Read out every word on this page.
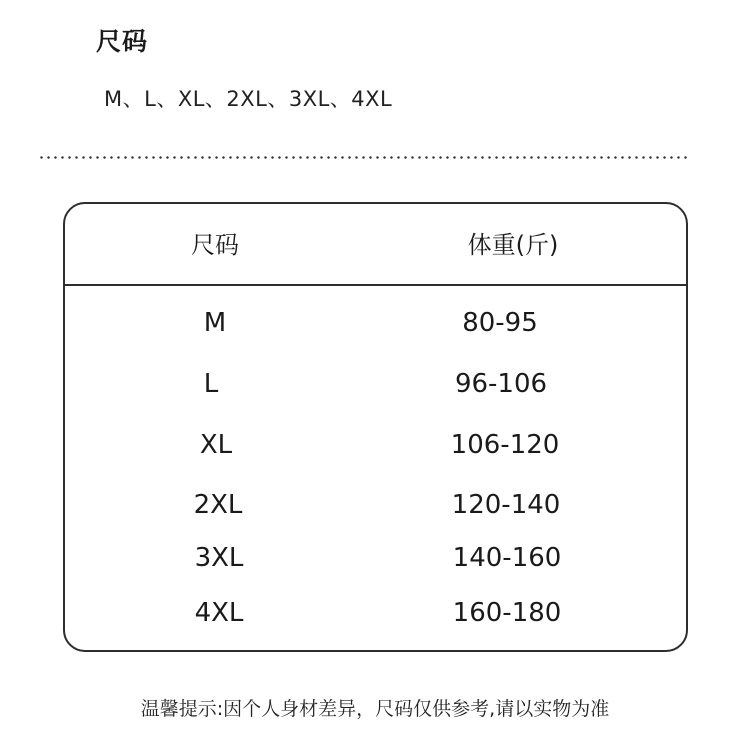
尺码
M、L、XL、2XL、3XL、4XL
尺码	体重(斤)
M	80-95
L	96-106
XL	106-120
2XL	120-140
3XL	140-160
4XL	160-180
温馨提示:因个人身材差异，尺码仅供参考,请以实物为准
